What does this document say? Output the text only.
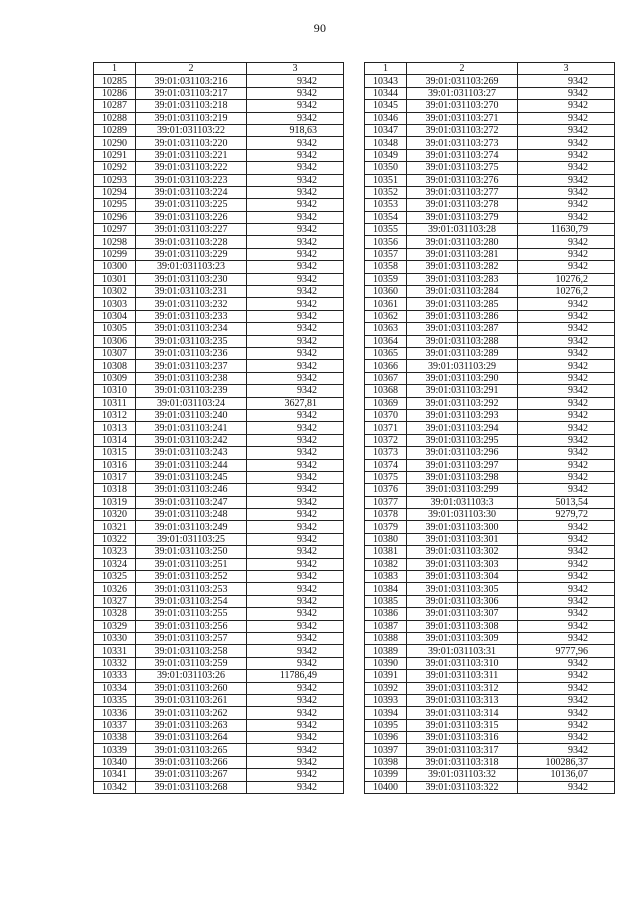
90
1	2	3
10285	39:01:031103:216	9342
10286	39:01:031103:217	9342
10287	39:01:031103:218	9342
10288	39:01:031103:219	9342
10289	39:01:031103:22	918,63
10290	39:01:031103:220	9342
10291	39:01:031103:221	9342
10292	39:01:031103:222	9342
10293	39:01:031103:223	9342
10294	39:01:031103:224	9342
10295	39:01:031103:225	9342
10296	39:01:031103:226	9342
10297	39:01:031103:227	9342
10298	39:01:031103:228	9342
10299	39:01:031103:229	9342
10300	39:01:031103:23	9342
10301	39:01:031103:230	9342
10302	39:01:031103:231	9342
10303	39:01:031103:232	9342
10304	39:01:031103:233	9342
10305	39:01:031103:234	9342
10306	39:01:031103:235	9342
10307	39:01:031103:236	9342
10308	39:01:031103:237	9342
10309	39:01:031103:238	9342
10310	39:01:031103:239	9342
10311	39:01:031103:24	3627,81
10312	39:01:031103:240	9342
10313	39:01:031103:241	9342
10314	39:01:031103:242	9342
10315	39:01:031103:243	9342
10316	39:01:031103:244	9342
10317	39:01:031103:245	9342
10318	39:01:031103:246	9342
10319	39:01:031103:247	9342
10320	39:01:031103:248	9342
10321	39:01:031103:249	9342
10322	39:01:031103:25	9342
10323	39:01:031103:250	9342
10324	39:01:031103:251	9342
10325	39:01:031103:252	9342
10326	39:01:031103:253	9342
10327	39:01:031103:254	9342
10328	39:01:031103:255	9342
10329	39:01:031103:256	9342
10330	39:01:031103:257	9342
10331	39:01:031103:258	9342
10332	39:01:031103:259	9342
10333	39:01:031103:26	11786,49
10334	39:01:031103:260	9342
10335	39:01:031103:261	9342
10336	39:01:031103:262	9342
10337	39:01:031103:263	9342
10338	39:01:031103:264	9342
10339	39:01:031103:265	9342
10340	39:01:031103:266	9342
10341	39:01:031103:267	9342
10342	39:01:031103:268	9342
1	2	3
10343	39:01:031103:269	9342
10344	39:01:031103:27	9342
10345	39:01:031103:270	9342
10346	39:01:031103:271	9342
10347	39:01:031103:272	9342
10348	39:01:031103:273	9342
10349	39:01:031103:274	9342
10350	39:01:031103:275	9342
10351	39:01:031103:276	9342
10352	39:01:031103:277	9342
10353	39:01:031103:278	9342
10354	39:01:031103:279	9342
10355	39:01:031103:28	11630,79
10356	39:01:031103:280	9342
10357	39:01:031103:281	9342
10358	39:01:031103:282	9342
10359	39:01:031103:283	10276,2
10360	39:01:031103:284	10276,2
10361	39:01:031103:285	9342
10362	39:01:031103:286	9342
10363	39:01:031103:287	9342
10364	39:01:031103:288	9342
10365	39:01:031103:289	9342
10366	39:01:031103:29	9342
10367	39:01:031103:290	9342
10368	39:01:031103:291	9342
10369	39:01:031103:292	9342
10370	39:01:031103:293	9342
10371	39:01:031103:294	9342
10372	39:01:031103:295	9342
10373	39:01:031103:296	9342
10374	39:01:031103:297	9342
10375	39:01:031103:298	9342
10376	39:01:031103:299	9342
10377	39:01:031103:3	5013,54
10378	39:01:031103:30	9279,72
10379	39:01:031103:300	9342
10380	39:01:031103:301	9342
10381	39:01:031103:302	9342
10382	39:01:031103:303	9342
10383	39:01:031103:304	9342
10384	39:01:031103:305	9342
10385	39:01:031103:306	9342
10386	39:01:031103:307	9342
10387	39:01:031103:308	9342
10388	39:01:031103:309	9342
10389	39:01:031103:31	9777,96
10390	39:01:031103:310	9342
10391	39:01:031103:311	9342
10392	39:01:031103:312	9342
10393	39:01:031103:313	9342
10394	39:01:031103:314	9342
10395	39:01:031103:315	9342
10396	39:01:031103:316	9342
10397	39:01:031103:317	9342
10398	39:01:031103:318	100286,37
10399	39:01:031103:32	10136,07
10400	39:01:031103:322	9342
